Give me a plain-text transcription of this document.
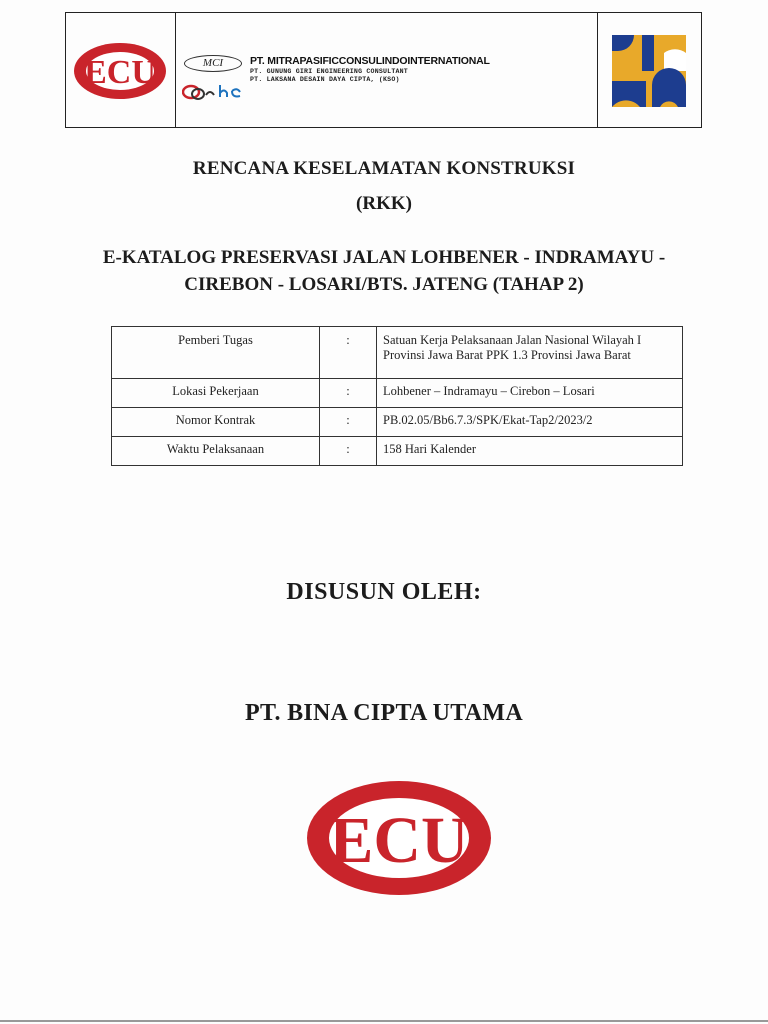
ECU	MCI	PT. MITRAPASIFICCONSULINDOINTERNATIONAL
PT. GUNUNG GIRI ENGINEERING CONSULTANT
PT. LAKSANA DESAIN DAYA CIPTA, (KSO)
RENCANA KESELAMATAN KONSTRUKSI
(RKK)
E-KATALOG PRESERVASI JALAN LOHBENER - INDRAMAYU -
CIREBON - LOSARI/BTS. JATENG (TAHAP 2)
Pemberi Tugas	:	Satuan Kerja Pelaksanaan Jalan Nasional Wilayah I Provinsi Jawa Barat PPK 1.3 Provinsi Jawa Barat
Lokasi Pekerjaan	:	Lohbener – Indramayu – Cirebon – Losari
Nomor Kontrak	:	PB.02.05/Bb6.7.3/SPK/Ekat-Tap2/2023/2
Waktu Pelaksanaan	:	158 Hari Kalender
DISUSUN OLEH:
PT. BINA CIPTA UTAMA
ECU
